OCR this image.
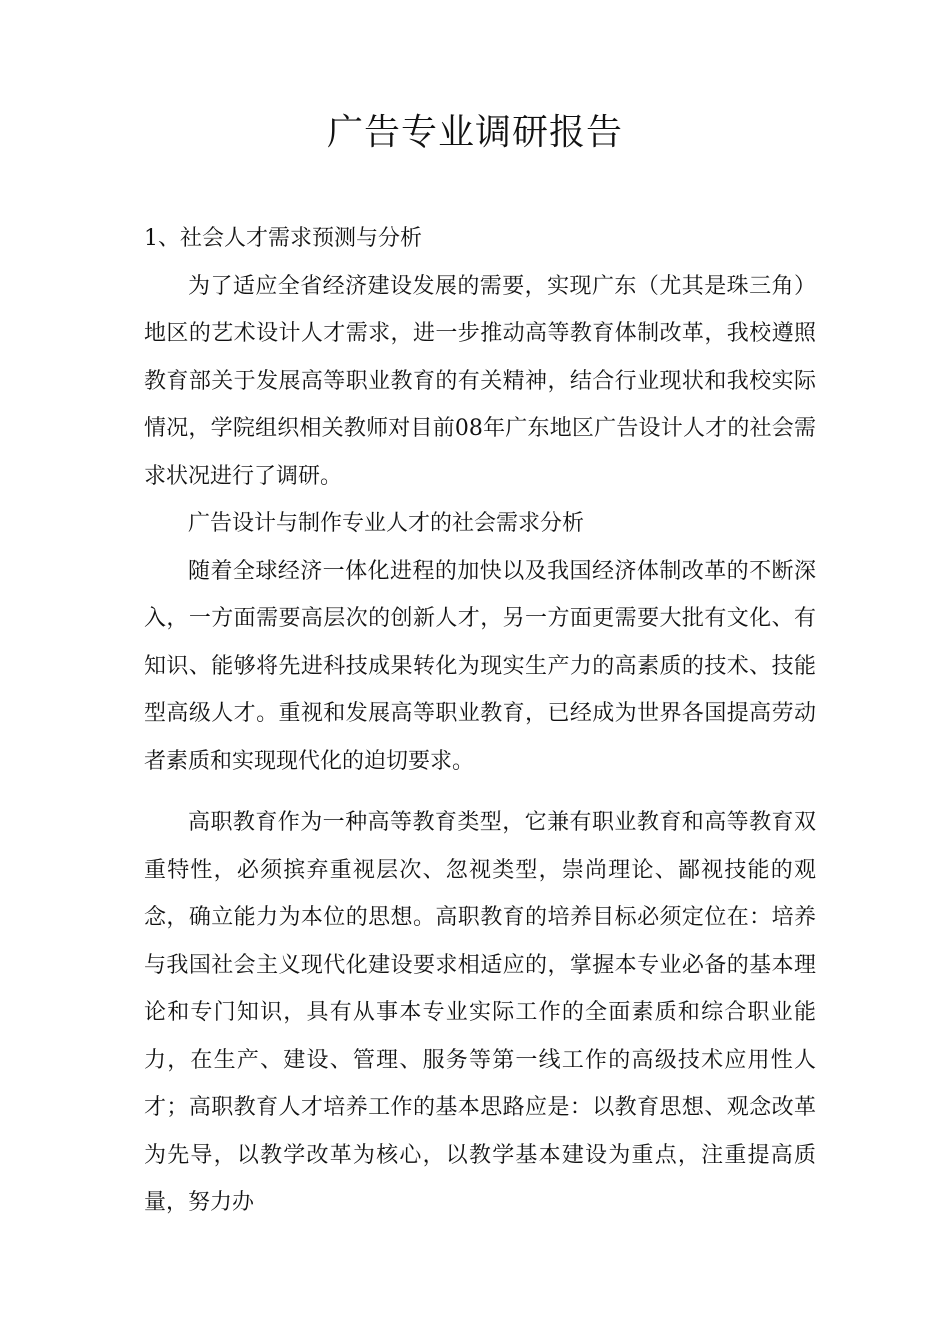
广告专业调研报告
1、社会人才需求预测与分析

为了适应全省经济建设发展的需要，实现广东（尤其是珠三角）地区的艺术设计人才需求，进一步推动高等教育体制改革，我校遵照教育部关于发展高等职业教育的有关精神，结合行业现状和我校实际情况，学院组织相关教师对目前08年广东地区广告设计人才的社会需求状况进行了调研。

广告设计与制作专业人才的社会需求分析

随着全球经济一体化进程的加快以及我国经济体制改革的不断深入，一方面需要高层次的创新人才，另一方面更需要大批有文化、有知识、能够将先进科技成果转化为现实生产力的高素质的技术、技能型高级人才。重视和发展高等职业教育，已经成为世界各国提高劳动者素质和实现现代化的迫切要求。

高职教育作为一种高等教育类型，它兼有职业教育和高等教育双重特性，必须摈弃重视层次、忽视类型，崇尚理论、鄙视技能的观念，确立能力为本位的思想。高职教育的培养目标必须定位在：培养与我国社会主义现代化建设要求相适应的，掌握本专业必备的基本理论和专门知识，具有从事本专业实际工作的全面素质和综合职业能力，在生产、建设、管理、服务等第一线工作的高级技术应用性人才；高职教育人才培养工作的基本思路应是：以教育思想、观念改革为先导，以教学改革为核心，以教学基本建设为重点，注重提高质量，努力办
